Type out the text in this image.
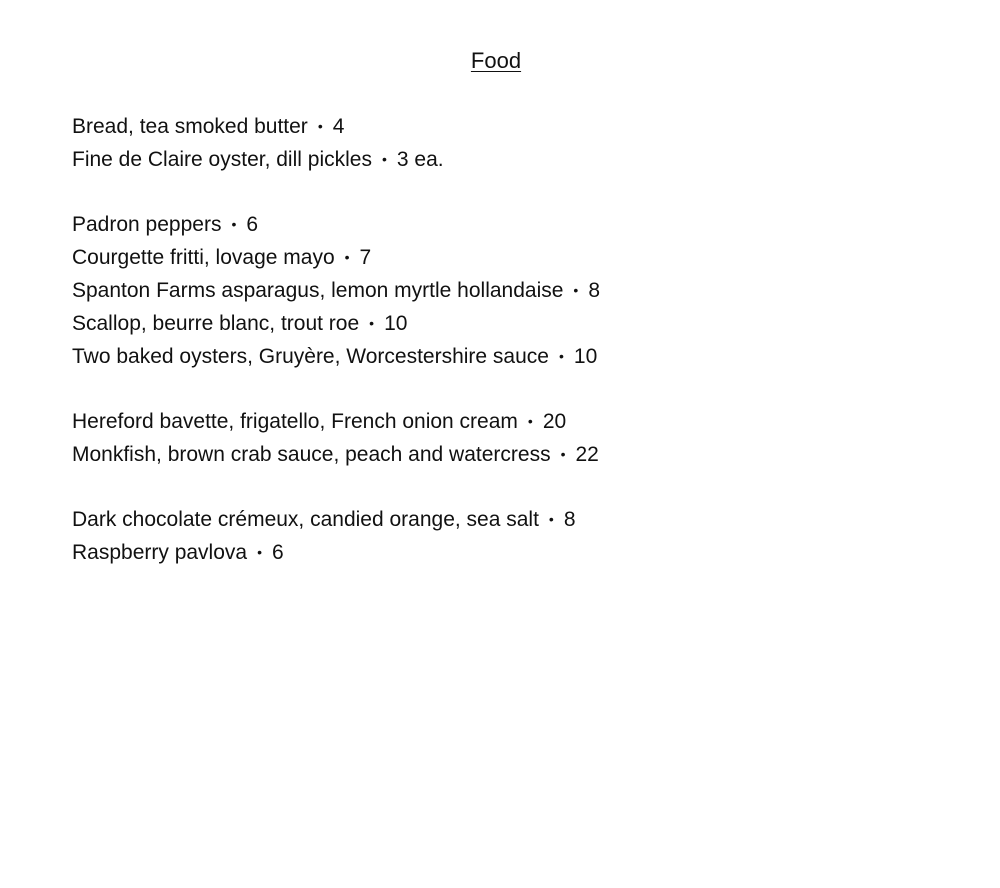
Food
Bread, tea smoked butter • 4
Fine de Claire oyster, dill pickles • 3 ea.
Padron peppers • 6
Courgette fritti, lovage mayo • 7
Spanton Farms asparagus, lemon myrtle hollandaise • 8
Scallop, beurre blanc, trout roe • 10
Two baked oysters, Gruyère, Worcestershire sauce • 10
Hereford bavette, frigatello, French onion cream • 20
Monkfish, brown crab sauce, peach and watercress • 22
Dark chocolate crémeux, candied orange, sea salt • 8
Raspberry pavlova • 6
